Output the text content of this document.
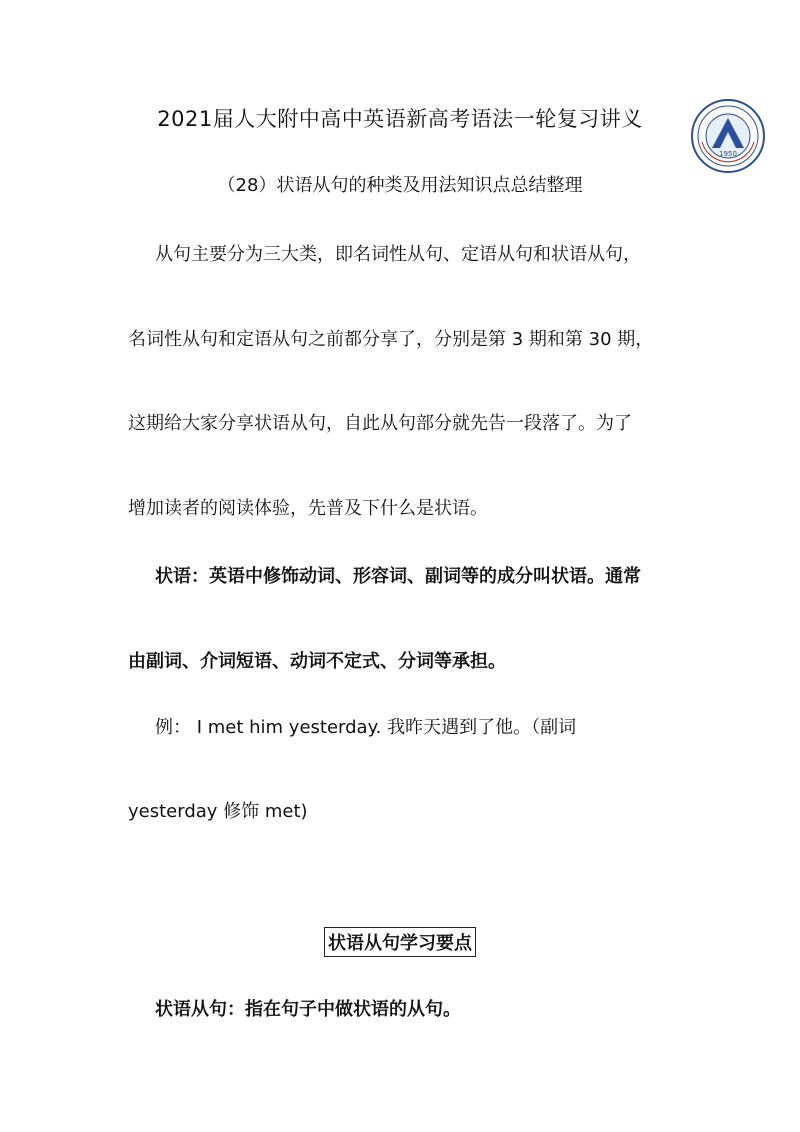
1950
2021届人大附中高中英语新高考语法一轮复习讲义
（28）状语从句的种类及用法知识点总结整理
从句主要分为三大类，即名词性从句、定语从句和状语从句，
名词性从句和定语从句之前都分享了，分别是第 3 期和第 30 期，
这期给大家分享状语从句，自此从句部分就先告一段落了。为了
增加读者的阅读体验，先普及下什么是状语。
状语：英语中修饰动词、形容词、副词等的成分叫状语。通常
由副词、介词短语、动词不定式、分词等承担。
例： I met him yesterday. 我昨天遇到了他。（副词
yesterday 修饰 met)
状语从句学习要点
状语从句：指在句子中做状语的从句。
